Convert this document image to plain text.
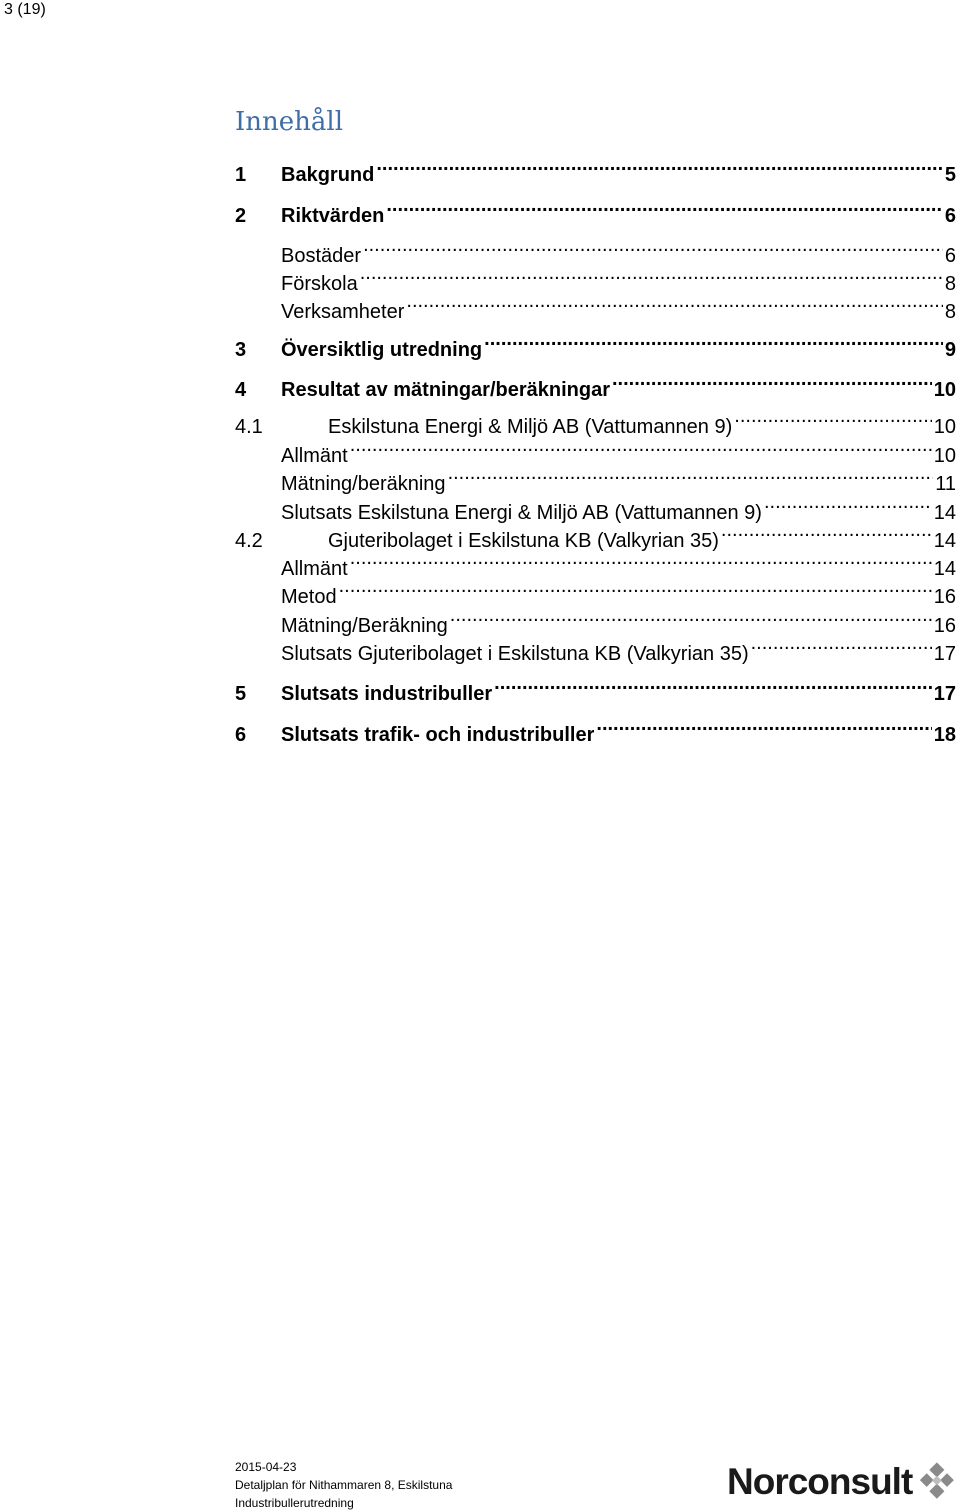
3 (19)
Innehåll
1	Bakgrund .....	5
2	Riktvärden .....	6
Bostäder .....	6
Förskola .....	8
Verksamheter .....	8
3	Översiktlig utredning .....	9
4	Resultat av mätningar/beräkningar .....	10
4.1	Eskilstuna Energi & Miljö AB (Vattumannen 9) .....	10
Allmänt .....	10
Mätning/beräkning .....	11
Slutsats Eskilstuna Energi & Miljö AB (Vattumannen 9) .....	14
4.2	Gjuteribolaget i Eskilstuna KB (Valkyrian 35) .....	14
Allmänt .....	14
Metod .....	16
Mätning/Beräkning .....	16
Slutsats Gjuteribolaget i Eskilstuna KB (Valkyrian 35) .....	17
5	Slutsats industribuller .....	17
6	Slutsats trafik- och industribuller .....	18
2015-04-23
Detaljplan för Nithammaren 8, Eskilstuna
Industribullerutredning
Norconsult
